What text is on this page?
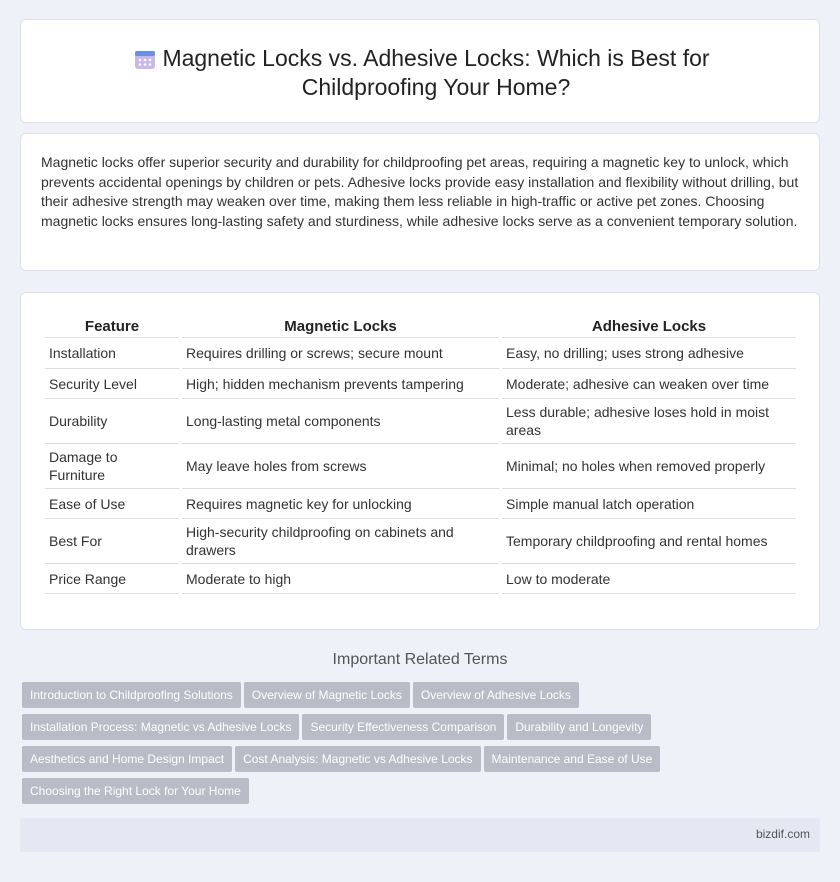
Magnetic Locks vs. Adhesive Locks: Which is Best for Childproofing Your Home?

Magnetic locks offer superior security and durability for childproofing pet areas, requiring a magnetic key to unlock, which prevents accidental openings by children or pets. Adhesive locks provide easy installation and flexibility without drilling, but their adhesive strength may weaken over time, making them less reliable in high-traffic or active pet zones. Choosing magnetic locks ensures long-lasting safety and sturdiness, while adhesive locks serve as a convenient temporary solution.

Feature	Magnetic Locks	Adhesive Locks
Installation	Requires drilling or screws; secure mount	Easy, no drilling; uses strong adhesive
Security Level	High; hidden mechanism prevents tampering	Moderate; adhesive can weaken over time
Durability	Long-lasting metal components	Less durable; adhesive loses hold in moist areas
Damage to Furniture	May leave holes from screws	Minimal; no holes when removed properly
Ease of Use	Requires magnetic key for unlocking	Simple manual latch operation
Best For	High-security childproofing on cabinets and drawers	Temporary childproofing and rental homes
Price Range	Moderate to high	Low to moderate
Important Related Terms
Introduction to Childproofing Solutions Overview of Magnetic Locks Overview of Adhesive Locks
Installation Process: Magnetic vs Adhesive Locks Security Effectiveness Comparison Durability and Longevity
Aesthetics and Home Design Impact Cost Analysis: Magnetic vs Adhesive Locks Maintenance and Ease of Use
Choosing the Right Lock for Your Home
bizdif.com
